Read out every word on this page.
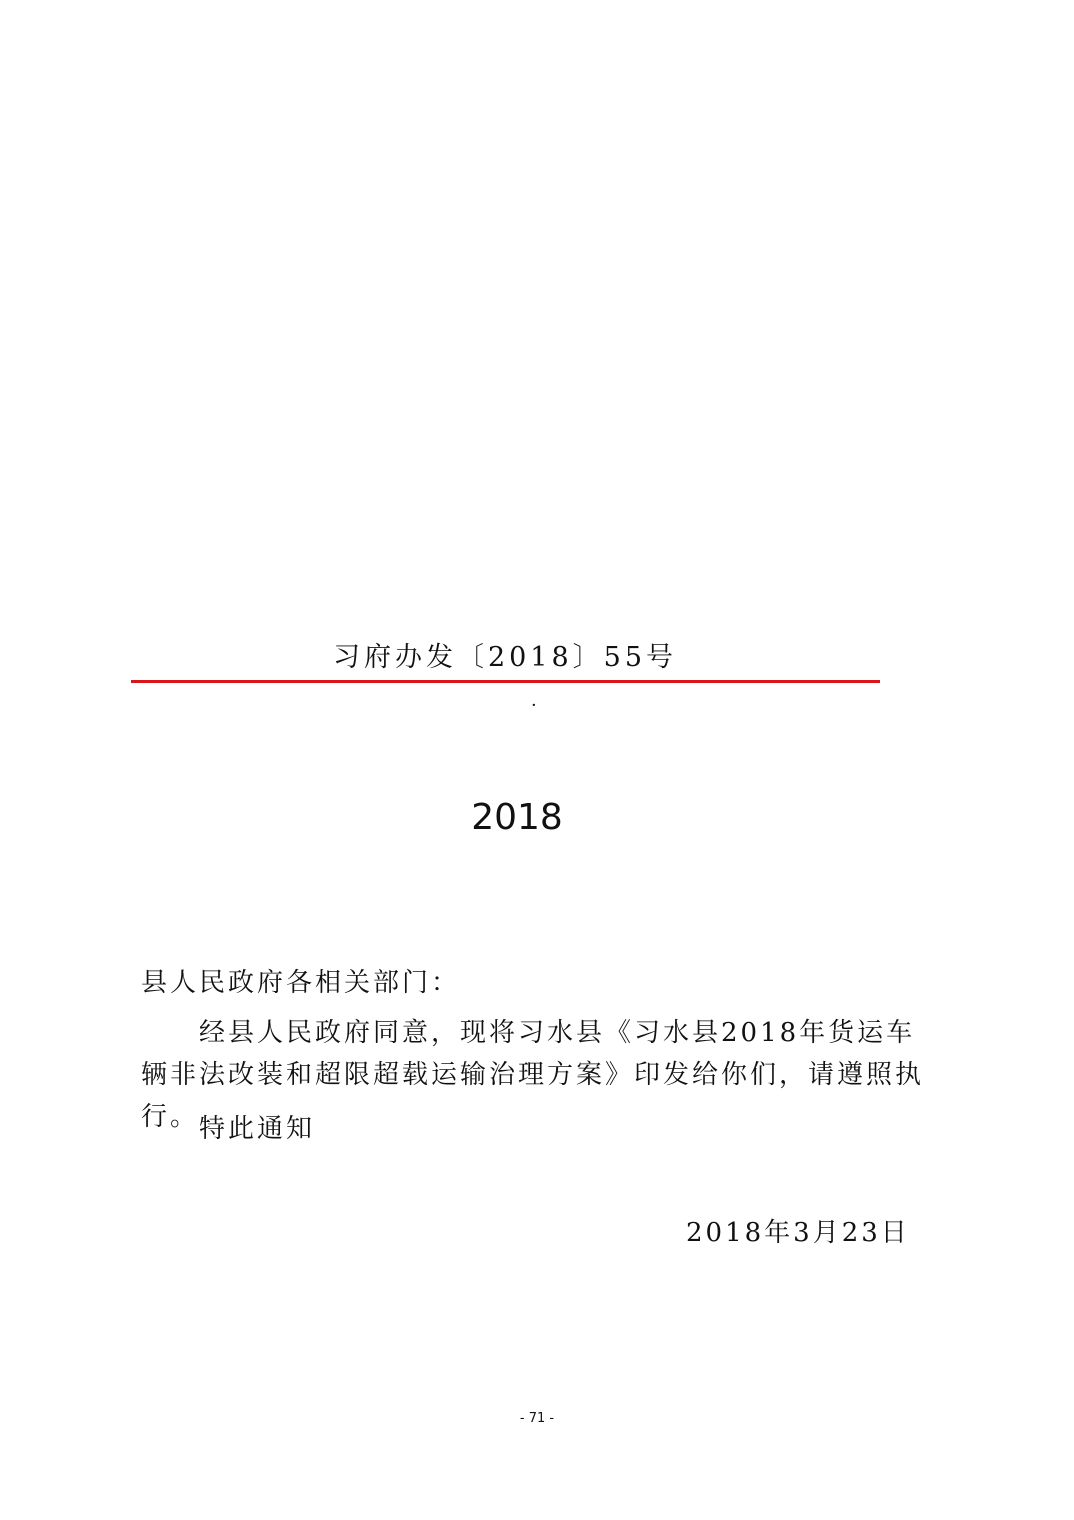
习府办发〔2018〕55号
·
2018
县人民政府各相关部门：
经县人民政府同意，现将习水县《习水县2018年货运车辆非法改装和超限超载运输治理方案》印发给你们，请遵照执行。 特此通知
2018年3月23日
- 71 -
